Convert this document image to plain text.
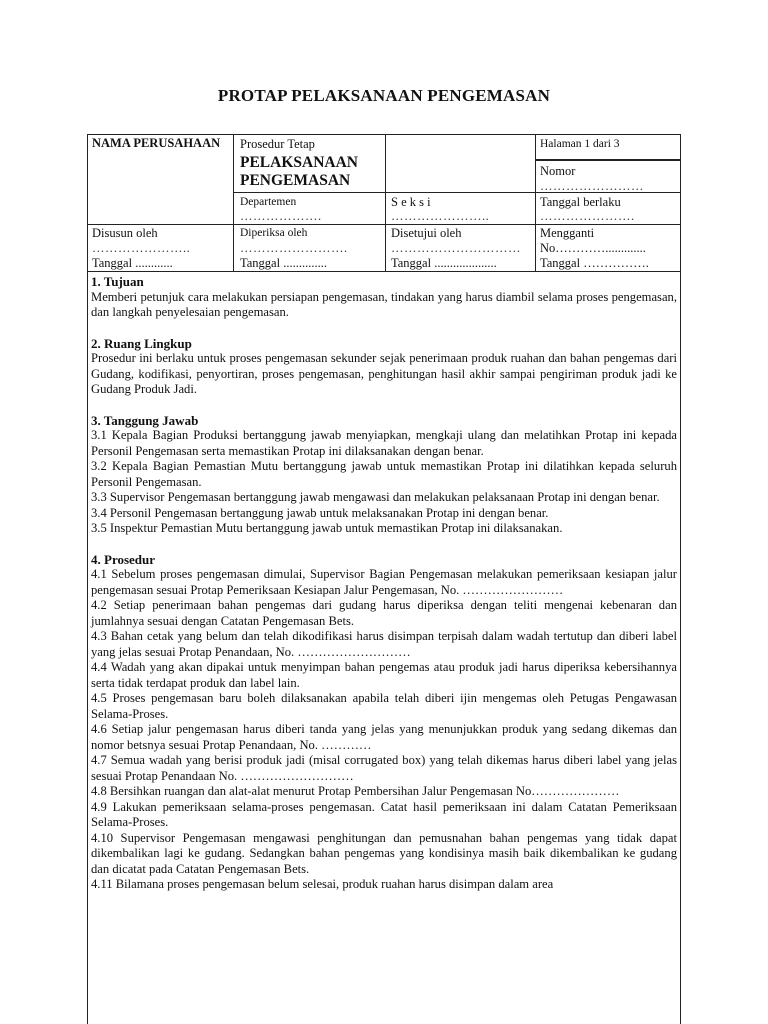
PROTAP PELAKSANAAN PENGEMASAN
NAMA PERUSAHAAN	Prosedur Tetap
PELAKSANAAN
PENGEMASAN
Halaman 1 dari 3
Nomor
……………………
Departemen
……………….
S e k s i
…………………..
Tanggal berlaku
………………….
Disusun oleh
…………………..
Tanggal ............
Diperiksa oleh
…………………….
Tanggal ..............
Disetujui oleh
…………………………
Tanggal ....................
Mengganti
No………….............
Tanggal …………….

1. Tujuan

Memberi petunjuk cara melakukan persiapan pengemasan, tindakan yang harus diambil selama proses pengemasan, dan langkah penyelesaian pengemasan.

2. Ruang Lingkup

Prosedur ini berlaku untuk proses pengemasan sekunder sejak penerimaan produk ruahan dan bahan pengemas dari Gudang, kodifikasi, penyortiran, proses pengemasan, penghitungan hasil akhir sampai pengiriman produk jadi ke Gudang Produk Jadi.

3. Tanggung Jawab

3.1 Kepala Bagian Produksi bertanggung jawab menyiapkan, mengkaji ulang dan melatihkan Protap ini kepada Personil Pengemasan serta memastikan Protap ini dilaksanakan dengan benar.

3.2 Kepala Bagian Pemastian Mutu bertanggung jawab untuk memastikan Protap ini dilatihkan kepada seluruh Personil Pengemasan.

3.3 Supervisor Pengemasan bertanggung jawab mengawasi dan melakukan pelaksanaan Protap ini dengan benar.

3.4 Personil Pengemasan bertanggung jawab untuk melaksanakan Protap ini dengan benar.

3.5 Inspektur Pemastian Mutu bertanggung jawab untuk memastikan Protap ini dilaksanakan.

4. Prosedur

4.1 Sebelum proses pengemasan dimulai, Supervisor Bagian Pengemasan melakukan pemeriksaan kesiapan jalur pengemasan sesuai Protap Pemeriksaan Kesiapan Jalur Pengemasan, No. ……………………

4.2 Setiap penerimaan bahan pengemas dari gudang harus diperiksa dengan teliti mengenai kebenaran dan jumlahnya sesuai dengan Catatan Pengemasan Bets.

4.3 Bahan cetak yang belum dan telah dikodifikasi harus disimpan terpisah dalam wadah tertutup dan diberi label yang jelas sesuai Protap Penandaan, No. ………………………

4.4 Wadah yang akan dipakai untuk menyimpan bahan pengemas atau produk jadi harus diperiksa kebersihannya serta tidak terdapat produk dan label lain.

4.5 Proses pengemasan baru boleh dilaksanakan apabila telah diberi ijin mengemas oleh Petugas Pengawasan Selama-Proses.

4.6 Setiap jalur pengemasan harus diberi tanda yang jelas yang menunjukkan produk yang sedang dikemas dan nomor betsnya sesuai Protap Penandaan, No. …………

4.7 Semua wadah yang berisi produk jadi (misal corrugated box) yang telah dikemas harus diberi label yang jelas sesuai Protap Penandaan No. ………………………

4.8 Bersihkan ruangan dan alat-alat menurut Protap Pembersihan Jalur Pengemasan No…………………

4.9 Lakukan pemeriksaan selama-proses pengemasan. Catat hasil pemeriksaan ini dalam Catatan Pemeriksaan Selama-Proses.

4.10 Supervisor Pengemasan mengawasi penghitungan dan pemusnahan bahan pengemas yang tidak dapat dikembalikan lagi ke gudang. Sedangkan bahan pengemas yang kondisinya masih baik dikembalikan ke gudang dan dicatat pada Catatan Pengemasan Bets.

4.11 Bilamana proses pengemasan belum selesai, produk ruahan harus disimpan dalam area
